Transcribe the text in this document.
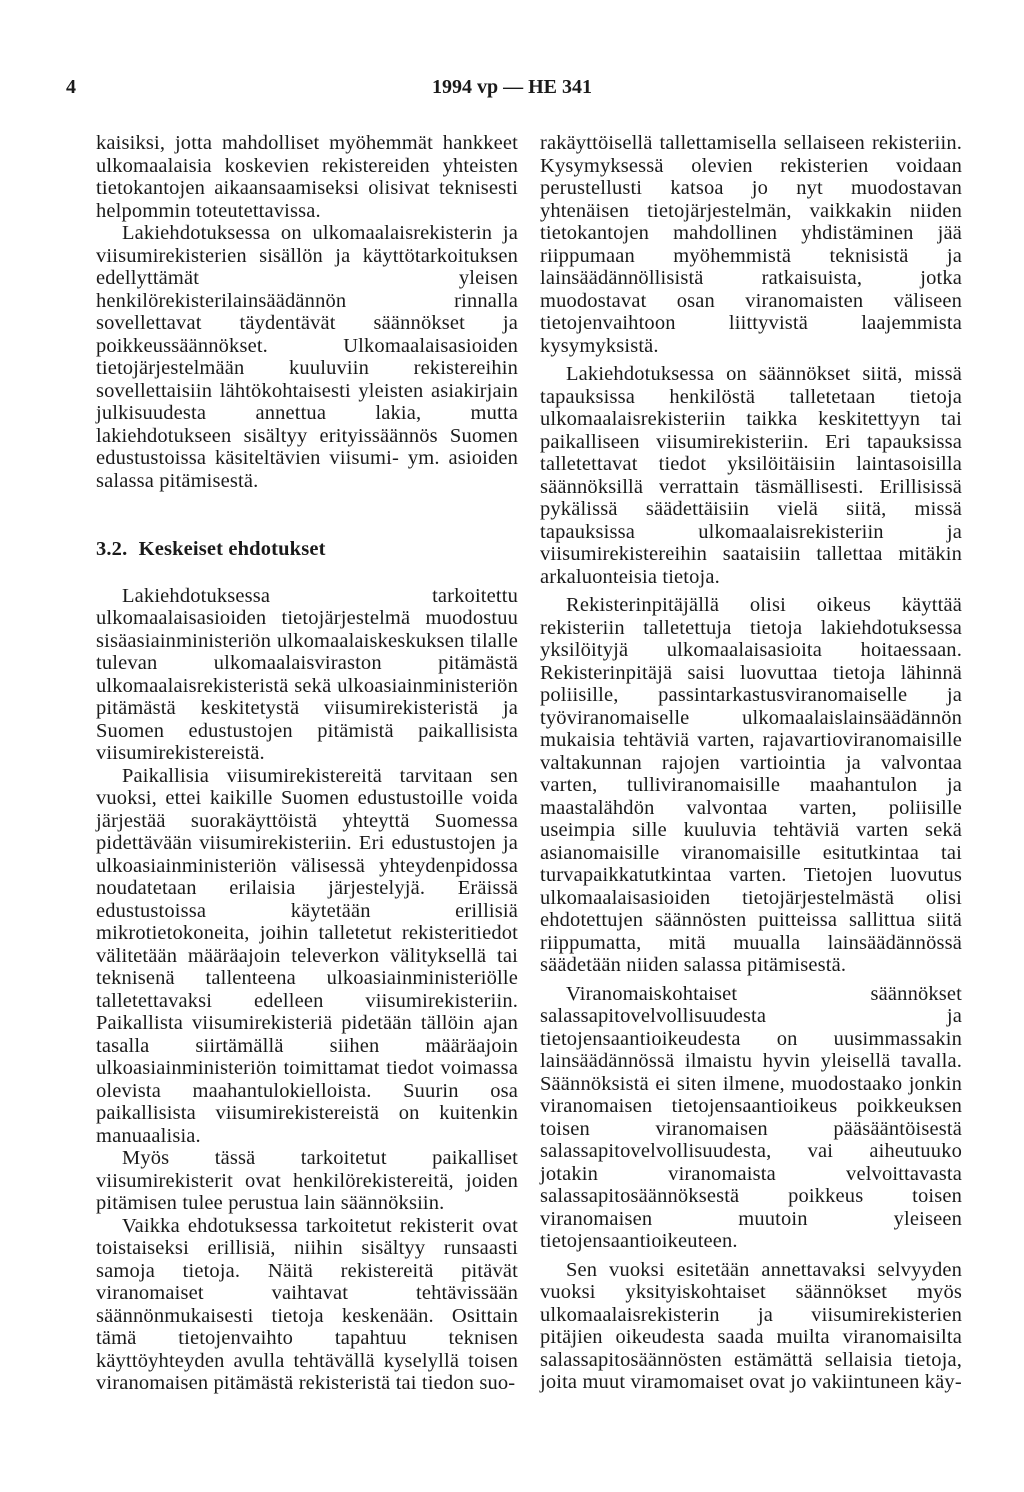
4	1994 vp — HE 341

kaisiksi, jotta mahdolliset myöhemmät hankkeet ulkomaalaisia koskevien rekistereiden yhteisten tietokantojen aikaansaamiseksi olisivat teknisesti helpommin toteutettavissa.

Lakiehdotuksessa on ulkomaalaisrekisterin ja viisumirekisterien sisällön ja käyttötarkoituksen edellyttämät yleisen henkilörekisterilainsäädännön rinnalla sovellettavat täydentävät säännökset ja poikkeussäännökset. Ulkomaalaisasioiden tietojärjestelmään kuuluviin rekistereihin sovellettaisiin lähtökohtaisesti yleisten asiakirjain julkisuudesta annettua lakia, mutta lakiehdotukseen sisältyy erityissäännös Suomen edustustoissa käsiteltävien viisumi- ym. asioiden salassa pitämisestä.

3.2. Keskeiset ehdotukset

Lakiehdotuksessa tarkoitettu ulkomaalaisasioiden tietojärjestelmä muodostuu sisäasiainministeriön ulkomaalaiskeskuksen tilalle tulevan ulkomaalaisviraston pitämästä ulkomaalaisrekisteristä sekä ulkoasiainministeriön pitämästä keskitetystä viisumirekisteristä ja Suomen edustustojen pitämistä paikallisista viisumirekistereistä.

Paikallisia viisumirekistereitä tarvitaan sen vuoksi, ettei kaikille Suomen edustustoille voida järjestää suorakäyttöistä yhteyttä Suomessa pidettävään viisumirekisteriin. Eri edustustojen ja ulkoasiainministeriön välisessä yhteydenpidossa noudatetaan erilaisia järjestelyjä. Eräissä edustustoissa käytetään erillisiä mikrotietokoneita, joihin talletetut rekisteritiedot välitetään määräajoin televerkon välityksellä tai teknisenä tallenteena ulkoasiainministeriölle talletettavaksi edelleen viisumirekisteriin. Paikallista viisumirekisteriä pidetään tällöin ajan tasalla siirtämällä siihen määräajoin ulkoasiainministeriön toimittamat tiedot voimassa olevista maahantulokielloista. Suurin osa paikallisista viisumirekistereistä on kuitenkin manuaalisia.

Myös tässä tarkoitetut paikalliset viisumirekisterit ovat henkilörekistereitä, joiden pitämisen tulee perustua lain säännöksiin.

Vaikka ehdotuksessa tarkoitetut rekisterit ovat toistaiseksi erillisiä, niihin sisältyy runsaasti samoja tietoja. Näitä rekistereitä pitävät viranomaiset vaihtavat tehtävissään säännönmukaisesti tietoja keskenään. Osittain tämä tietojenvaihto tapahtuu teknisen käyttöyhteyden avulla tehtävällä kyselyllä toisen viranomaisen pitämästä rekisteristä tai tiedon suo-

rakäyttöisellä tallettamisella sellaiseen rekisteriin. Kysymyksessä olevien rekisterien voidaan perustellusti katsoa jo nyt muodostavan yhtenäisen tietojärjestelmän, vaikkakin niiden tietokantojen mahdollinen yhdistäminen jää riippumaan myöhemmistä teknisistä ja lainsäädännöllisistä ratkaisuista, jotka muodostavat osan viranomaisten väliseen tietojenvaihtoon liittyvistä laajemmista kysymyksistä.

Lakiehdotuksessa on säännökset siitä, missä tapauksissa henkilöstä talletetaan tietoja ulkomaalaisrekisteriin taikka keskitettyyn tai paikalliseen viisumirekisteriin. Eri tapauksissa talletettavat tiedot yksilöitäisiin laintasoisilla säännöksillä verrattain täsmällisesti. Erillisissä pykälissä säädettäisiin vielä siitä, missä tapauksissa ulkomaalaisrekisteriin ja viisumirekistereihin saataisiin tallettaa mitäkin arkaluonteisia tietoja.

Rekisterinpitäjällä olisi oikeus käyttää rekisteriin talletettuja tietoja lakiehdotuksessa yksilöityjä ulkomaalaisasioita hoitaessaan. Rekisterinpitäjä saisi luovuttaa tietoja lähinnä poliisille, passintarkastusviranomaiselle ja työviranomaiselle ulkomaalaislainsäädännön mukaisia tehtäviä varten, rajavartioviranomaisille valtakunnan rajojen vartiointia ja valvontaa varten, tulliviranomaisille maahantulon ja maastalähdön valvontaa varten, poliisille useimpia sille kuuluvia tehtäviä varten sekä asianomaisille viranomaisille esitutkintaa tai turvapaikkatutkintaa varten. Tietojen luovutus ulkomaalaisasioiden tietojärjestelmästä olisi ehdotettujen säännösten puitteissa sallittua siitä riippumatta, mitä muualla lainsäädännössä säädetään niiden salassa pitämisestä.

Viranomaiskohtaiset säännökset salassapitovelvollisuudesta ja tietojensaantioikeudesta on uusimmassakin lainsäädännössä ilmaistu hyvin yleisellä tavalla. Säännöksistä ei siten ilmene, muodostaako jonkin viranomaisen tietojensaantioikeus poikkeuksen toisen viranomaisen pääsääntöisestä salassapitovelvollisuudesta, vai aiheutuuko jotakin viranomaista velvoittavasta salassapitosäännöksestä poikkeus toisen viranomaisen muutoin yleiseen tietojensaantioikeuteen.

Sen vuoksi esitetään annettavaksi selvyyden vuoksi yksityiskohtaiset säännökset myös ulkomaalaisrekisterin ja viisumirekisterien pitäjien oikeudesta saada muilta viranomaisilta salassapitosäännösten estämättä sellaisia tietoja, joita muut viramomaiset ovat jo vakiintuneen käy-
